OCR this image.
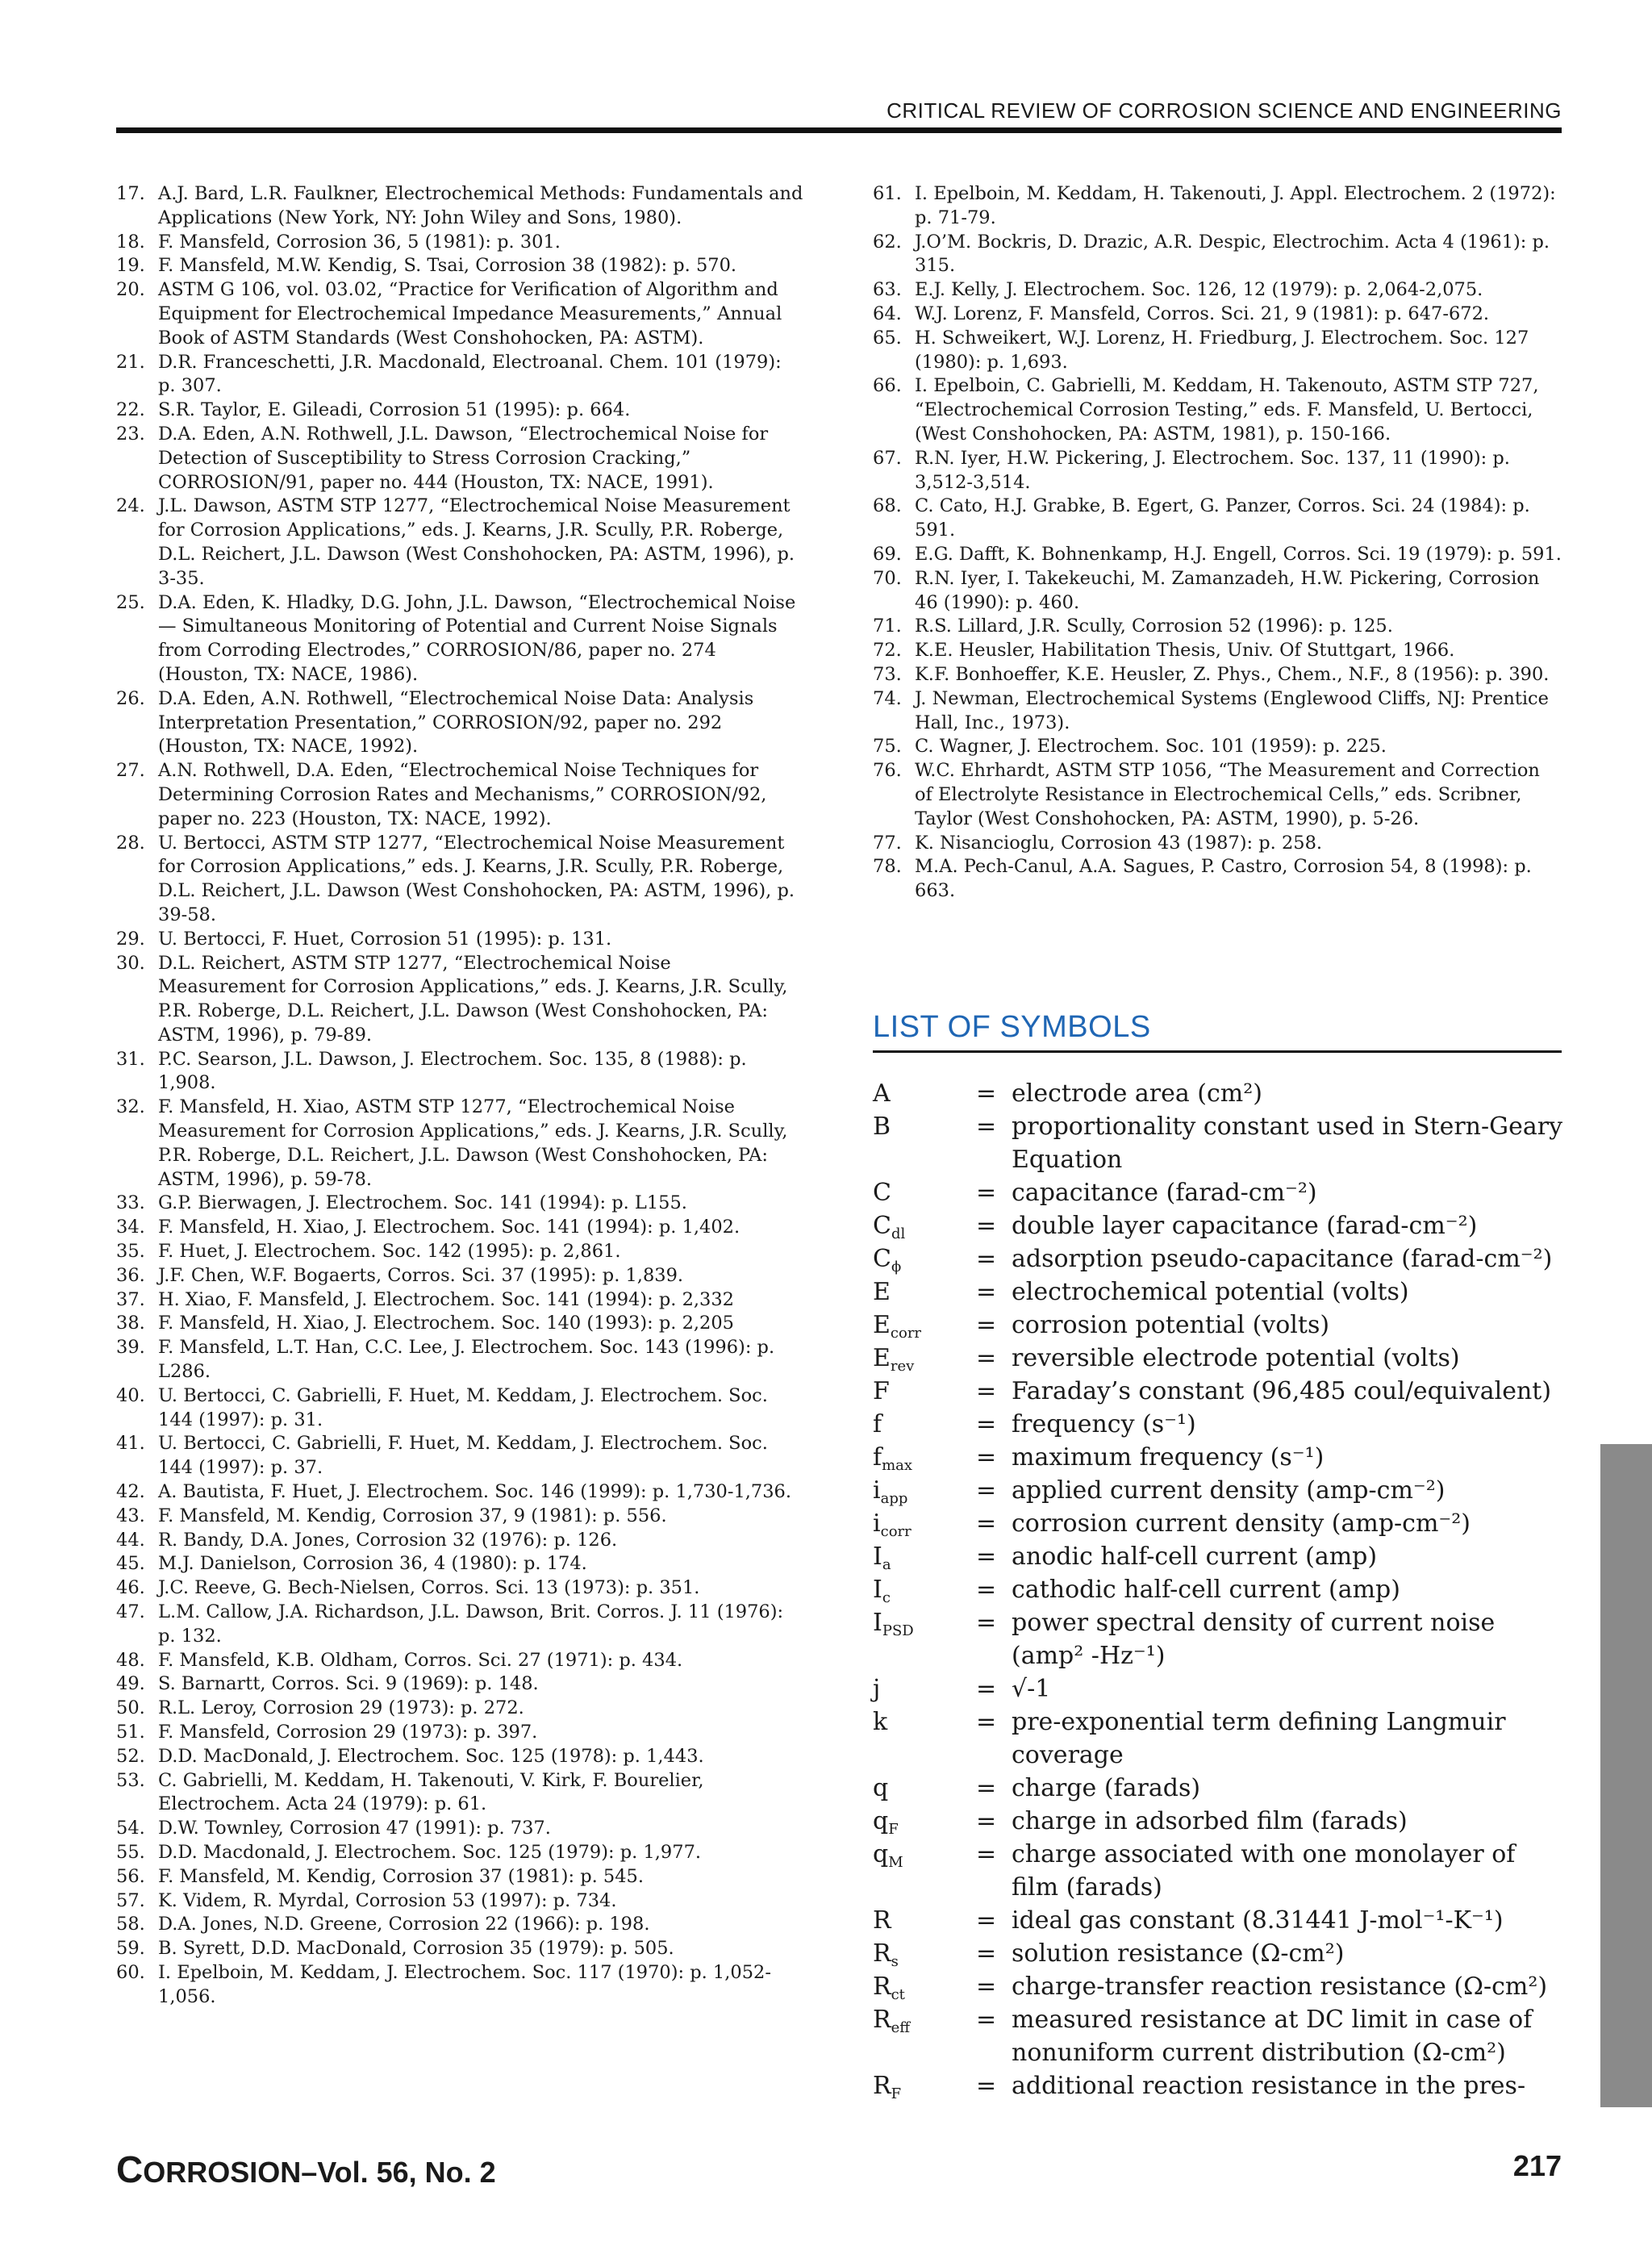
CRITICAL REVIEW OF CORROSION SCIENCE AND ENGINEERING
17. A.J. Bard, L.R. Faulkner, Electrochemical Methods: Fundamentals and Applications (New York, NY: John Wiley and Sons, 1980).
18. F. Mansfeld, Corrosion 36, 5 (1981): p. 301.
19. F. Mansfeld, M.W. Kendig, S. Tsai, Corrosion 38 (1982): p. 570.
20. ASTM G 106, vol. 03.02, “Practice for Verification of Algorithm and Equipment for Electrochemical Impedance Measurements,” Annual Book of ASTM Standards (West Conshohocken, PA: ASTM).
21. D.R. Franceschetti, J.R. Macdonald, Electroanal. Chem. 101 (1979): p. 307.
22. S.R. Taylor, E. Gileadi, Corrosion 51 (1995): p. 664.
23. D.A. Eden, A.N. Rothwell, J.L. Dawson, “Electrochemical Noise for Detection of Susceptibility to Stress Corrosion Cracking,” CORROSION/91, paper no. 444 (Houston, TX: NACE, 1991).
24. J.L. Dawson, ASTM STP 1277, “Electrochemical Noise Measurement for Corrosion Applications,” eds. J. Kearns, J.R. Scully, P.R. Roberge, D.L. Reichert, J.L. Dawson (West Conshohocken, PA: ASTM, 1996), p. 3-35.
25. D.A. Eden, K. Hladky, D.G. John, J.L. Dawson, “Electrochemical Noise — Simultaneous Monitoring of Potential and Current Noise Signals from Corroding Electrodes,” CORROSION/86, paper no. 274 (Houston, TX: NACE, 1986).
26. D.A. Eden, A.N. Rothwell, “Electrochemical Noise Data: Analysis Interpretation Presentation,” CORROSION/92, paper no. 292 (Houston, TX: NACE, 1992).
27. A.N. Rothwell, D.A. Eden, “Electrochemical Noise Techniques for Determining Corrosion Rates and Mechanisms,” CORROSION/92, paper no. 223 (Houston, TX: NACE, 1992).
28. U. Bertocci, ASTM STP 1277, “Electrochemical Noise Measurement for Corrosion Applications,” eds. J. Kearns, J.R. Scully, P.R. Roberge, D.L. Reichert, J.L. Dawson (West Conshohocken, PA: ASTM, 1996), p. 39-58.
29. U. Bertocci, F. Huet, Corrosion 51 (1995): p. 131.
30. D.L. Reichert, ASTM STP 1277, “Electrochemical Noise Measurement for Corrosion Applications,” eds. J. Kearns, J.R. Scully, P.R. Roberge, D.L. Reichert, J.L. Dawson (West Conshohocken, PA: ASTM, 1996), p. 79-89.
31. P.C. Searson, J.L. Dawson, J. Electrochem. Soc. 135, 8 (1988): p. 1,908.
32. F. Mansfeld, H. Xiao, ASTM STP 1277, “Electrochemical Noise Measurement for Corrosion Applications,” eds. J. Kearns, J.R. Scully, P.R. Roberge, D.L. Reichert, J.L. Dawson (West Conshohocken, PA: ASTM, 1996), p. 59-78.
33. G.P. Bierwagen, J. Electrochem. Soc. 141 (1994): p. L155.
34. F. Mansfeld, H. Xiao, J. Electrochem. Soc. 141 (1994): p. 1,402.
35. F. Huet, J. Electrochem. Soc. 142 (1995): p. 2,861.
36. J.F. Chen, W.F. Bogaerts, Corros. Sci. 37 (1995): p. 1,839.
37. H. Xiao, F. Mansfeld, J. Electrochem. Soc. 141 (1994): p. 2,332
38. F. Mansfeld, H. Xiao, J. Electrochem. Soc. 140 (1993): p. 2,205
39. F. Mansfeld, L.T. Han, C.C. Lee, J. Electrochem. Soc. 143 (1996): p. L286.
40. U. Bertocci, C. Gabrielli, F. Huet, M. Keddam, J. Electrochem. Soc. 144 (1997): p. 31.
41. U. Bertocci, C. Gabrielli, F. Huet, M. Keddam, J. Electrochem. Soc. 144 (1997): p. 37.
42. A. Bautista, F. Huet, J. Electrochem. Soc. 146 (1999): p. 1,730-1,736.
43. F. Mansfeld, M. Kendig, Corrosion 37, 9 (1981): p. 556.
44. R. Bandy, D.A. Jones, Corrosion 32 (1976): p. 126.
45. M.J. Danielson, Corrosion 36, 4 (1980): p. 174.
46. J.C. Reeve, G. Bech-Nielsen, Corros. Sci. 13 (1973): p. 351.
47. L.M. Callow, J.A. Richardson, J.L. Dawson, Brit. Corros. J. 11 (1976): p. 132.
48. F. Mansfeld, K.B. Oldham, Corros. Sci. 27 (1971): p. 434.
49. S. Barnartt, Corros. Sci. 9 (1969): p. 148.
50. R.L. Leroy, Corrosion 29 (1973): p. 272.
51. F. Mansfeld, Corrosion 29 (1973): p. 397.
52. D.D. MacDonald, J. Electrochem. Soc. 125 (1978): p. 1,443.
53. C. Gabrielli, M. Keddam, H. Takenouti, V. Kirk, F. Bourelier, Electrochem. Acta 24 (1979): p. 61.
54. D.W. Townley, Corrosion 47 (1991): p. 737.
55. D.D. Macdonald, J. Electrochem. Soc. 125 (1979): p. 1,977.
56. F. Mansfeld, M. Kendig, Corrosion 37 (1981): p. 545.
57. K. Videm, R. Myrdal, Corrosion 53 (1997): p. 734.
58. D.A. Jones, N.D. Greene, Corrosion 22 (1966): p. 198.
59. B. Syrett, D.D. MacDonald, Corrosion 35 (1979): p. 505.
60. I. Epelboin, M. Keddam, J. Electrochem. Soc. 117 (1970): p. 1,052-1,056.
61. I. Epelboin, M. Keddam, H. Takenouti, J. Appl. Electrochem. 2 (1972): p. 71-79.
62. J.O’M. Bockris, D. Drazic, A.R. Despic, Electrochim. Acta 4 (1961): p. 315.
63. E.J. Kelly, J. Electrochem. Soc. 126, 12 (1979): p. 2,064-2,075.
64. W.J. Lorenz, F. Mansfeld, Corros. Sci. 21, 9 (1981): p. 647-672.
65. H. Schweikert, W.J. Lorenz, H. Friedburg, J. Electrochem. Soc. 127 (1980): p. 1,693.
66. I. Epelboin, C. Gabrielli, M. Keddam, H. Takenouto, ASTM STP 727, “Electrochemical Corrosion Testing,” eds. F. Mansfeld, U. Bertocci, (West Conshohocken, PA: ASTM, 1981), p. 150-166.
67. R.N. Iyer, H.W. Pickering, J. Electrochem. Soc. 137, 11 (1990): p. 3,512-3,514.
68. C. Cato, H.J. Grabke, B. Egert, G. Panzer, Corros. Sci. 24 (1984): p. 591.
69. E.G. Dafft, K. Bohnenkamp, H.J. Engell, Corros. Sci. 19 (1979): p. 591.
70. R.N. Iyer, I. Takekeuchi, M. Zamanzadeh, H.W. Pickering, Corrosion 46 (1990): p. 460.
71. R.S. Lillard, J.R. Scully, Corrosion 52 (1996): p. 125.
72. K.E. Heusler, Habilitation Thesis, Univ. Of Stuttgart, 1966.
73. K.F. Bonhoeffer, K.E. Heusler, Z. Phys., Chem., N.F., 8 (1956): p. 390.
74. J. Newman, Electrochemical Systems (Englewood Cliffs, NJ: Prentice Hall, Inc., 1973).
75. C. Wagner, J. Electrochem. Soc. 101 (1959): p. 225.
76. W.C. Ehrhardt, ASTM STP 1056, “The Measurement and Correction of Electrolyte Resistance in Electrochemical Cells,” eds. Scribner, Taylor (West Conshohocken, PA: ASTM, 1990), p. 5-26.
77. K. Nisancioglu, Corrosion 43 (1987): p. 258.
78. M.A. Pech-Canul, A.A. Sagues, P. Castro, Corrosion 54, 8 (1998): p. 663.
LIST OF SYMBOLS
A	= electrode area (cm²)
B	= proportionality constant used in Stern-Geary Equation
C	= capacitance (farad-cm⁻²)
$C_{dl}$	= double layer capacitance (farad-cm⁻²)
$C_\phi$	= adsorption pseudo-capacitance (farad-cm⁻²)
E	= electrochemical potential (volts)
$E_{corr}$	= corrosion potential (volts)
$E_{rev}$	= reversible electrode potential (volts)
F	= Faraday’s constant (96,485 coul/equivalent)
f	= frequency (s⁻¹)
$f_{max}$	= maximum frequency (s⁻¹)
$i_{app}$	= applied current density (amp-cm⁻²)
$i_{corr}$	= corrosion current density (amp-cm⁻²)
$I_a$	= anodic half-cell current (amp)
$I_c$	= cathodic half-cell current (amp)
$I_{PSD}$	= power spectral density of current noise (amp² -Hz⁻¹)
j	= √-1
k	= pre-exponential term defining Langmuir coverage
q	= charge (farads)
$q_F$	= charge in adsorbed film (farads)
$q_M$	= charge associated with one monolayer of film (farads)
R	= ideal gas constant (8.31441 J-mol⁻¹-K⁻¹)
$R_s$	= solution resistance (Ω-cm²)
$R_{ct}$	= charge-transfer reaction resistance (Ω-cm²)
$R_{eff}$	= measured resistance at DC limit in case of nonuniform current distribution (Ω-cm²)
$R_F$	= additional reaction resistance in the pres-
CORROSION–Vol. 56, No. 2	217
